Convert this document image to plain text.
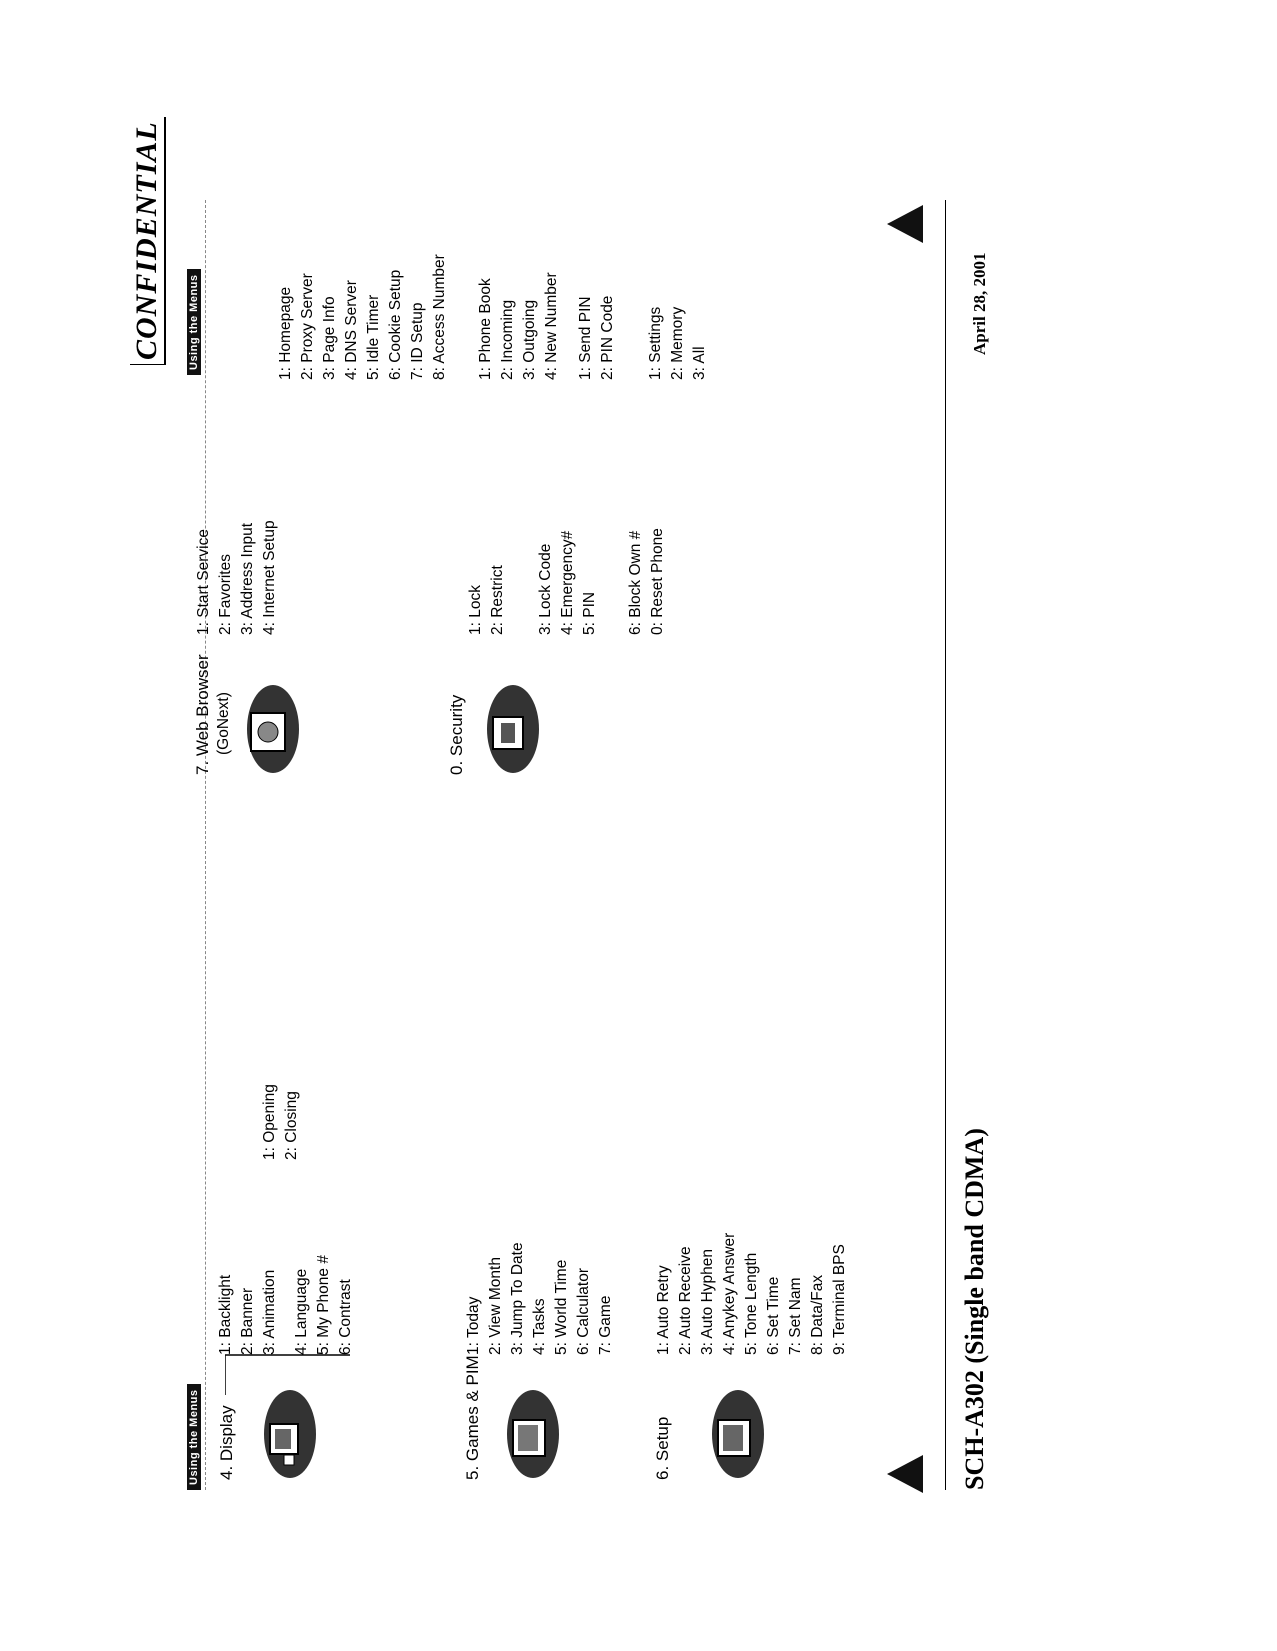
Using the Menus
Using the Menus
CONFIDENTIAL
4. Display
1: Backlight 2: Banner 3: Animation 4: Language 5: My Phone # 6: Contrast
1: Opening 2: Closing
5. Games & PIM
1: Today 2: View Month 3: Jump To Date 4: Tasks 5: World Time 6: Calculator 7: Game
6. Setup
1: Auto Retry 2: Auto Receive 3: Auto Hyphen 4: Anykey Answer 5: Tone Length 6: Set Time 7: Set Nam 8: Data/Fax 9: Terminal BPS
7. Web Browser (GoNext)
1: Start Service 2: Favorites 3: Address Input 4: Internet Setup
1: Homepage 2: Proxy Server 3: Page Info 4: DNS Server 5: Idle Timer 6: Cookie Setup 7: ID Setup 8: Access Number
0. Security
1: Lock 2: Restrict 3: Lock Code 4: Emergency# 5: PIN 6: Block Own # 0: Reset Phone
1: Phone Book 2: Incoming 3: Outgoing 4: New Number 1: Send PIN 2: PIN Code 1: Settings 2: Memory 3: All
SCH-A302 (Single band CDMA)
April 28, 2001
